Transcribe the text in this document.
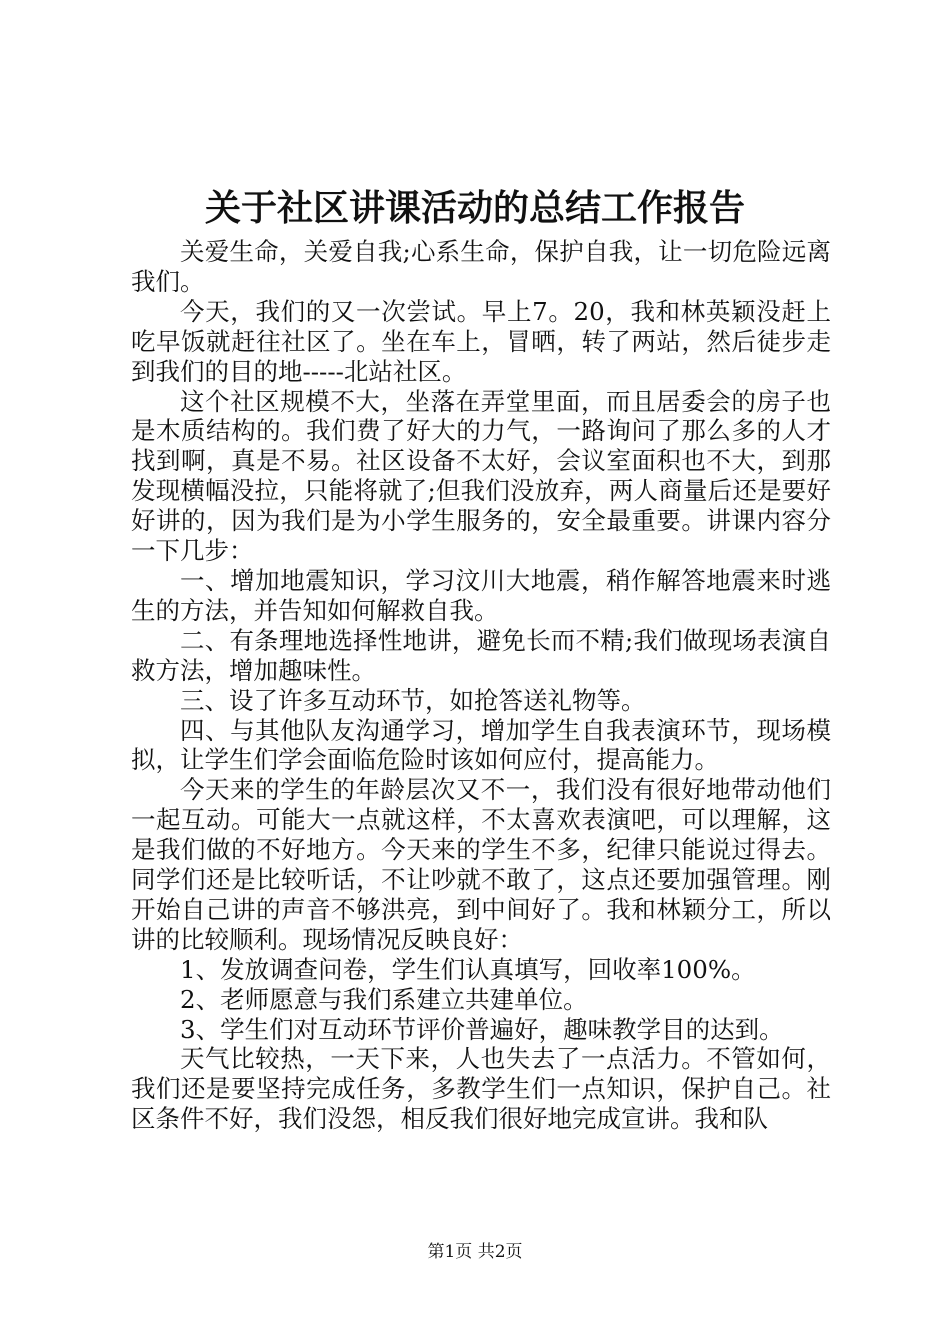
关于社区讲课活动的总结工作报告

关爱生命，关爱自我;心系生命，保护自我，让一切危险远离我们。

今天，我们的又一次尝试。早上7。20，我和林英颖没赶上吃早饭就赶往社区了。坐在车上，冒晒，转了两站，然后徒步走到我们的目的地-----北站社区。

这个社区规模不大，坐落在弄堂里面，而且居委会的房子也是木质结构的。我们费了好大的力气，一路询问了那么多的人才找到啊，真是不易。社区设备不太好，会议室面积也不大，到那发现横幅没拉，只能将就了;但我们没放弃，两人商量后还是要好好讲的，因为我们是为小学生服务的，安全最重要。讲课内容分一下几步：

一、增加地震知识，学习汶川大地震，稍作解答地震来时逃生的方法，并告知如何解救自我。

二、有条理地选择性地讲，避免长而不精;我们做现场表演自救方法，增加趣味性。

三、设了许多互动环节，如抢答送礼物等。

四、与其他队友沟通学习，增加学生自我表演环节，现场模拟，让学生们学会面临危险时该如何应付，提高能力。

今天来的学生的年龄层次又不一，我们没有很好地带动他们一起互动。可能大一点就这样，不太喜欢表演吧，可以理解，这是我们做的不好地方。今天来的学生不多，纪律只能说过得去。同学们还是比较听话，不让吵就不敢了，这点还要加强管理。刚开始自己讲的声音不够洪亮，到中间好了。我和林颖分工，所以讲的比较顺利。现场情况反映良好：

1、发放调查问卷，学生们认真填写，回收率100%。

2、老师愿意与我们系建立共建单位。

3、学生们对互动环节评价普遍好，趣味教学目的达到。

天气比较热，一天下来，人也失去了一点活力。不管如何，我们还是要坚持完成任务，多教学生们一点知识，保护自己。社区条件不好，我们没怨，相反我们很好地完成宣讲。我和队

第1页 共2页
